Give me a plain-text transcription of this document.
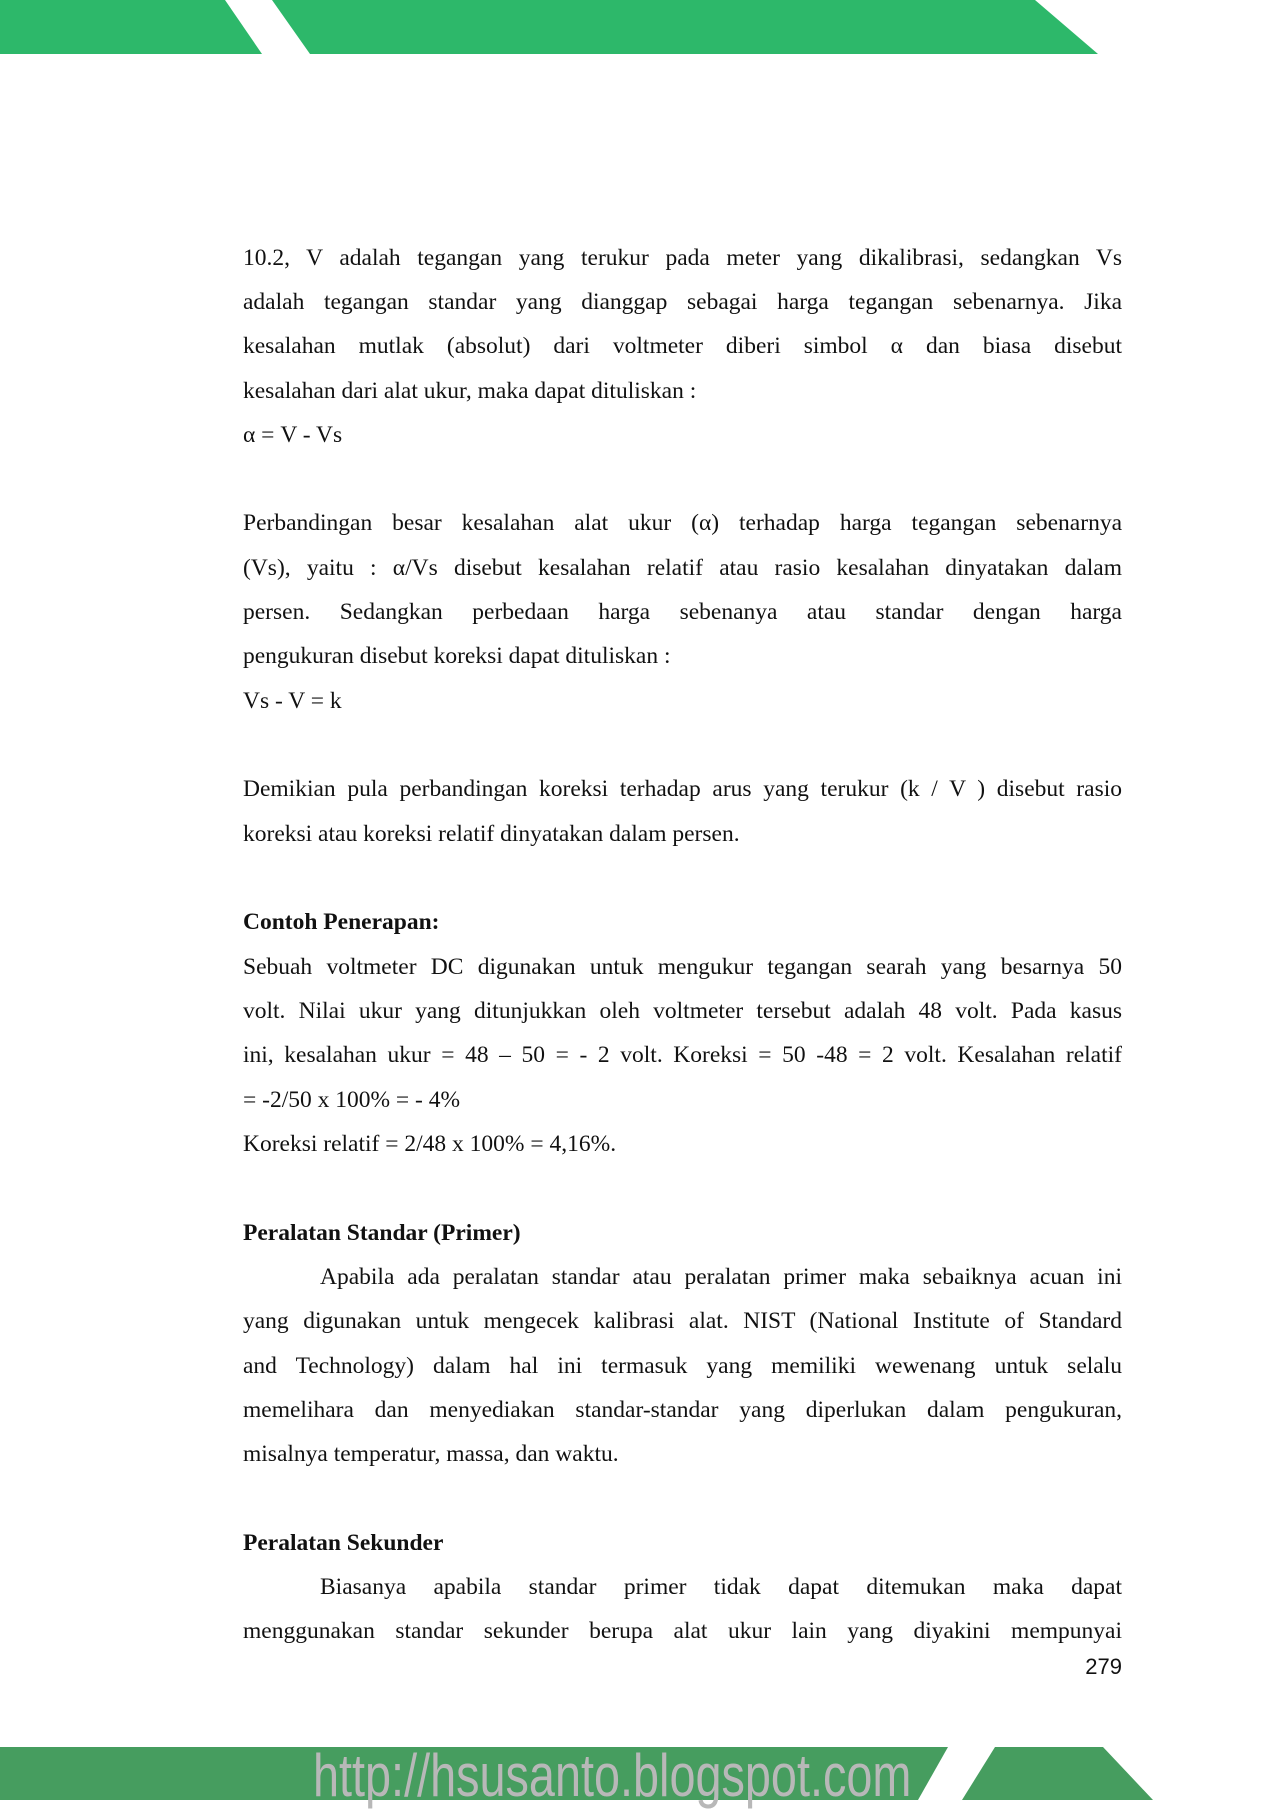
10.2, V adalah tegangan yang terukur pada meter yang dikalibrasi, sedangkan Vs
adalah tegangan standar yang dianggap sebagai harga tegangan sebenarnya. Jika
kesalahan mutlak (absolut) dari voltmeter diberi simbol α dan biasa disebut
kesalahan dari alat ukur, maka dapat dituliskan :
α = V - Vs
Perbandingan besar kesalahan alat ukur (α) terhadap harga tegangan sebenarnya
(Vs), yaitu : α/Vs disebut kesalahan relatif atau rasio kesalahan dinyatakan dalam
persen. Sedangkan perbedaan harga sebenanya atau standar dengan harga
pengukuran disebut koreksi dapat dituliskan :
Vs - V = k
Demikian pula perbandingan koreksi terhadap arus yang terukur (k / V ) disebut rasio
koreksi atau koreksi relatif dinyatakan dalam persen.
Contoh Penerapan:
Sebuah voltmeter DC digunakan untuk mengukur tegangan searah yang besarnya 50
volt. Nilai ukur yang ditunjukkan oleh voltmeter tersebut adalah 48 volt. Pada kasus
ini, kesalahan ukur = 48 – 50 = - 2 volt. Koreksi = 50 -48 = 2 volt. Kesalahan relatif
= -2/50 x 100% = - 4%
Koreksi relatif = 2/48 x 100% = 4,16%.
Peralatan Standar (Primer)
Apabila ada peralatan standar atau peralatan primer maka sebaiknya acuan ini
yang digunakan untuk mengecek kalibrasi alat. NIST (National Institute of Standard
and Technology) dalam hal ini termasuk yang memiliki wewenang untuk selalu
memelihara dan menyediakan standar-standar yang diperlukan dalam pengukuran,
misalnya temperatur, massa, dan waktu.
Peralatan Sekunder
Biasanya apabila standar primer tidak dapat ditemukan maka dapat
menggunakan standar sekunder berupa alat ukur lain yang diyakini mempunyai
279
http://hsusanto.blogspot.com
